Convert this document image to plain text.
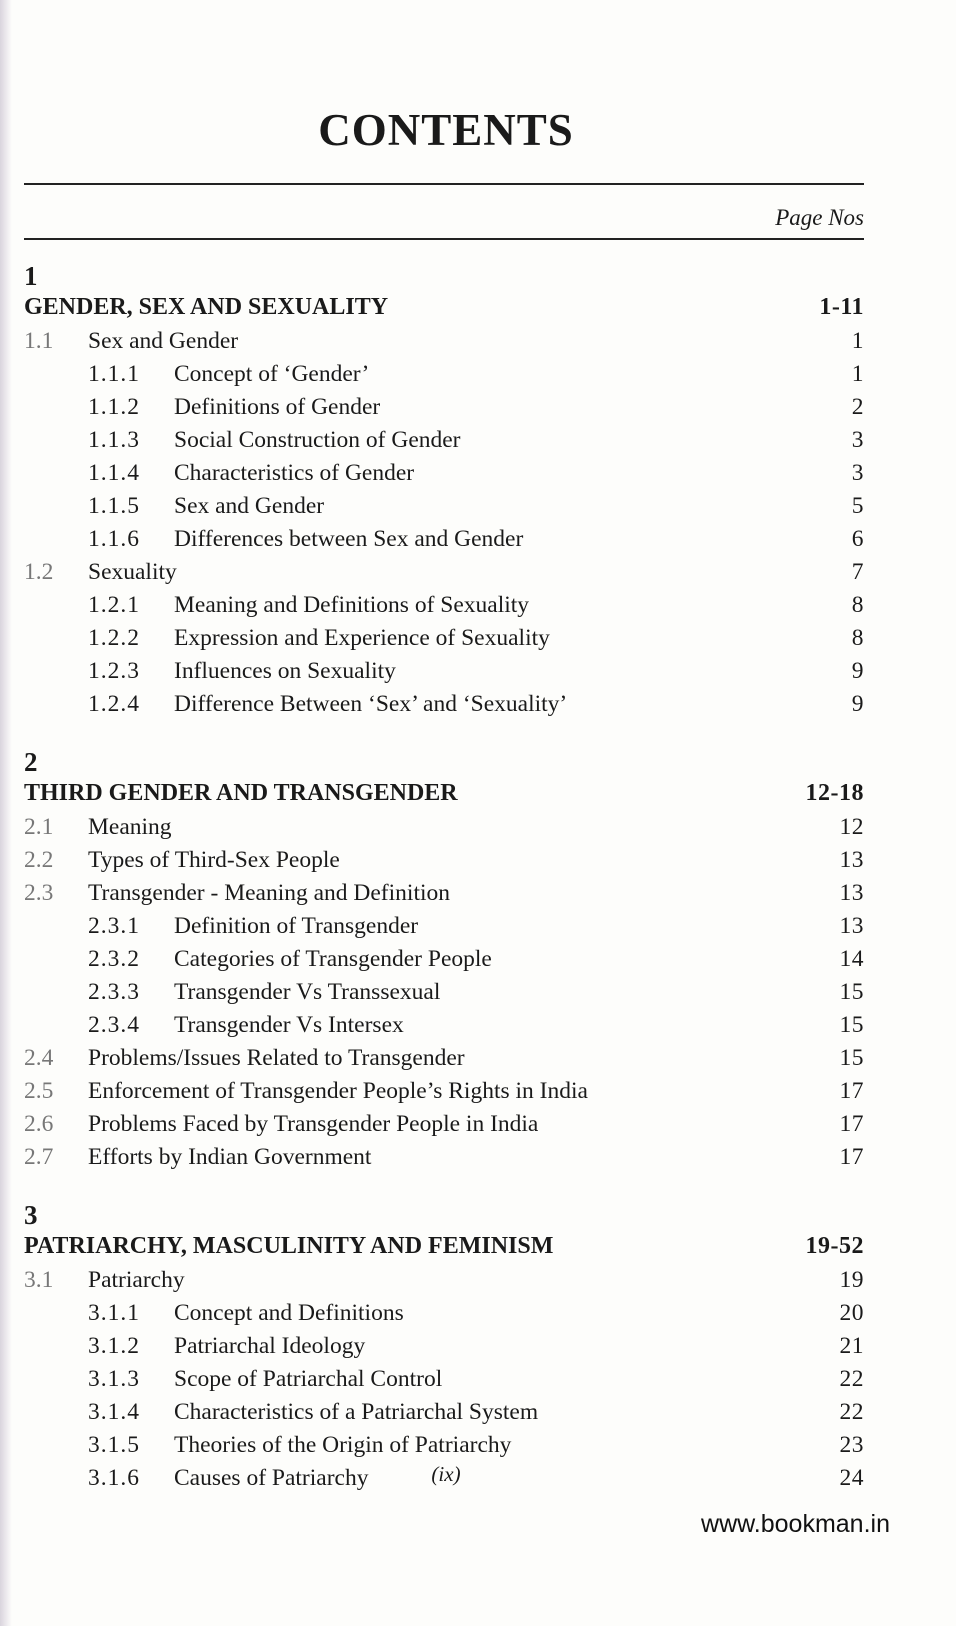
CONTENTS
Page Nos
1
GENDER, SEX AND SEXUALITY	1-11
1.1	Sex and Gender	1
1.1.1	Concept of ‘Gender’	1
1.1.2	Definitions of Gender	2
1.1.3	Social Construction of Gender	3
1.1.4	Characteristics of Gender	3
1.1.5	Sex and Gender	5
1.1.6	Differences between Sex and Gender	6
1.2	Sexuality	7
1.2.1	Meaning and Definitions of Sexuality	8
1.2.2	Expression and Experience of Sexuality	8
1.2.3	Influences on Sexuality	9
1.2.4	Difference Between ‘Sex’ and ‘Sexuality’	9
2
THIRD GENDER AND TRANSGENDER	12-18
2.1	Meaning	12
2.2	Types of Third-Sex People	13
2.3	Transgender - Meaning and Definition	13
2.3.1	Definition of Transgender	13
2.3.2	Categories of Transgender People	14
2.3.3	Transgender Vs Transsexual	15
2.3.4	Transgender Vs Intersex	15
2.4	Problems/Issues Related to Transgender	15
2.5	Enforcement of Transgender People’s Rights in India	17
2.6	Problems Faced by Transgender People in India	17
2.7	Efforts by Indian Government	17
3
PATRIARCHY, MASCULINITY AND FEMINISM	19-52
3.1	Patriarchy	19
3.1.1	Concept and Definitions	20
3.1.2	Patriarchal Ideology	21
3.1.3	Scope of Patriarchal Control	22
3.1.4	Characteristics of a Patriarchal System	22
3.1.5	Theories of the Origin of Patriarchy	23
3.1.6	Causes of Patriarchy	24
(ix)
www.bookman.in
